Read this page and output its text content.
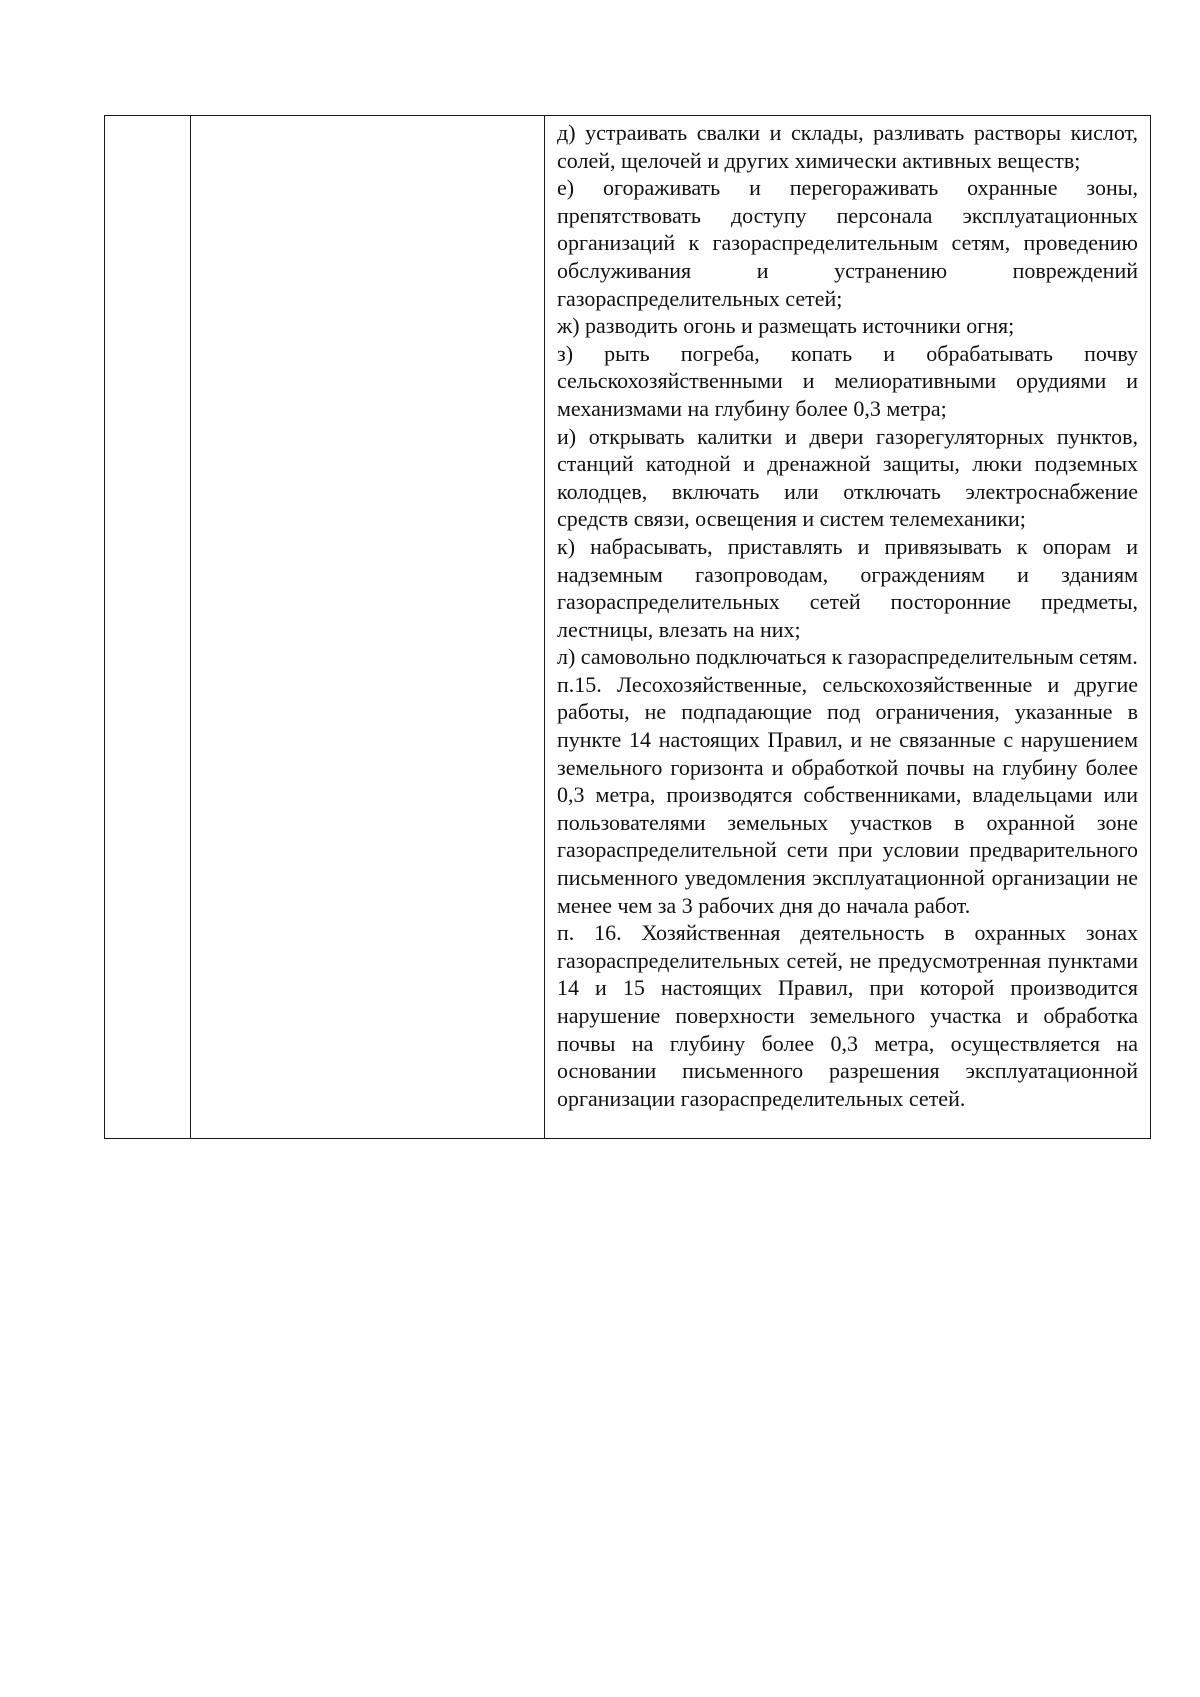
д) устраивать свалки и склады, разливать растворы кислот, солей, щелочей и других химически активных веществ;

е) огораживать и перегораживать охранные зоны, препятствовать доступу персонала эксплуатационных организаций к газораспределительным сетям, проведению обслуживания и устранению повреждений газораспределительных сетей;

ж) разводить огонь и размещать источники огня;

з) рыть погреба, копать и обрабатывать почву сельскохозяйственными и мелиоративными орудиями и механизмами на глубину более 0,3 метра;

и) открывать калитки и двери газорегуляторных пунктов, станций катодной и дренажной защиты, люки подземных колодцев, включать или отключать электроснабжение средств связи, освещения и систем телемеханики;

к) набрасывать, приставлять и привязывать к опорам и надземным газопроводам, ограждениям и зданиям газораспределительных сетей посторонние предметы, лестницы, влезать на них;

л) самовольно подключаться к газораспределительным сетям.

п.15. Лесохозяйственные, сельскохозяйственные и другие работы, не подпадающие под ограничения, указанные в пункте 14 настоящих Правил, и не связанные с нарушением земельного горизонта и обработкой почвы на глубину более 0,3 метра, производятся собственниками, владельцами или пользователями земельных участков в охранной зоне газораспределительной сети при условии предварительного письменного уведомления эксплуатационной организации не менее чем за 3 рабочих дня до начала работ.

п. 16. Хозяйственная деятельность в охранных зонах газораспределительных сетей, не предусмотренная пунктами 14 и 15 настоящих Правил, при которой производится нарушение поверхности земельного участка и обработка почвы на глубину более 0,3 метра, осуществляется на основании письменного разрешения эксплуатационной организации газораспределительных сетей.
